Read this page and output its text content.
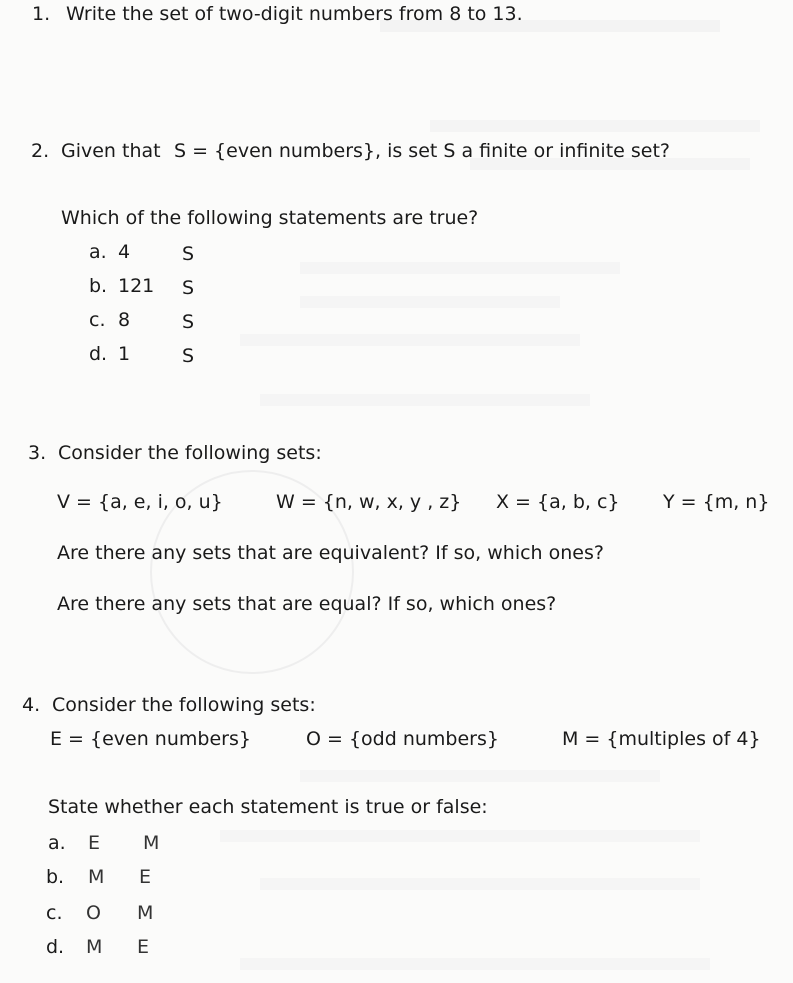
1. Write the set of two-digit numbers from 8 to 13.
2. Given that S = {even numbers}, is set S a finite or infinite set?
Which of the following statements are true?
a. 4	S
b. 121 S
c. 8	S
d. 1	S
3. Consider the following sets:
V = {a, e, i, o, u}	W = {n, w, x, y , z} X = {a, b, c} Y = {m, n}
Are there any sets that are equivalent? If so, which ones?
Are there any sets that are equal? If so, which ones?
4. Consider the following sets:
E = {even numbers}	O = {odd numbers}	M = {multiples of 4}
State whether each statement is true or false:
a. E M
b. M E
c. O M
d. M E
